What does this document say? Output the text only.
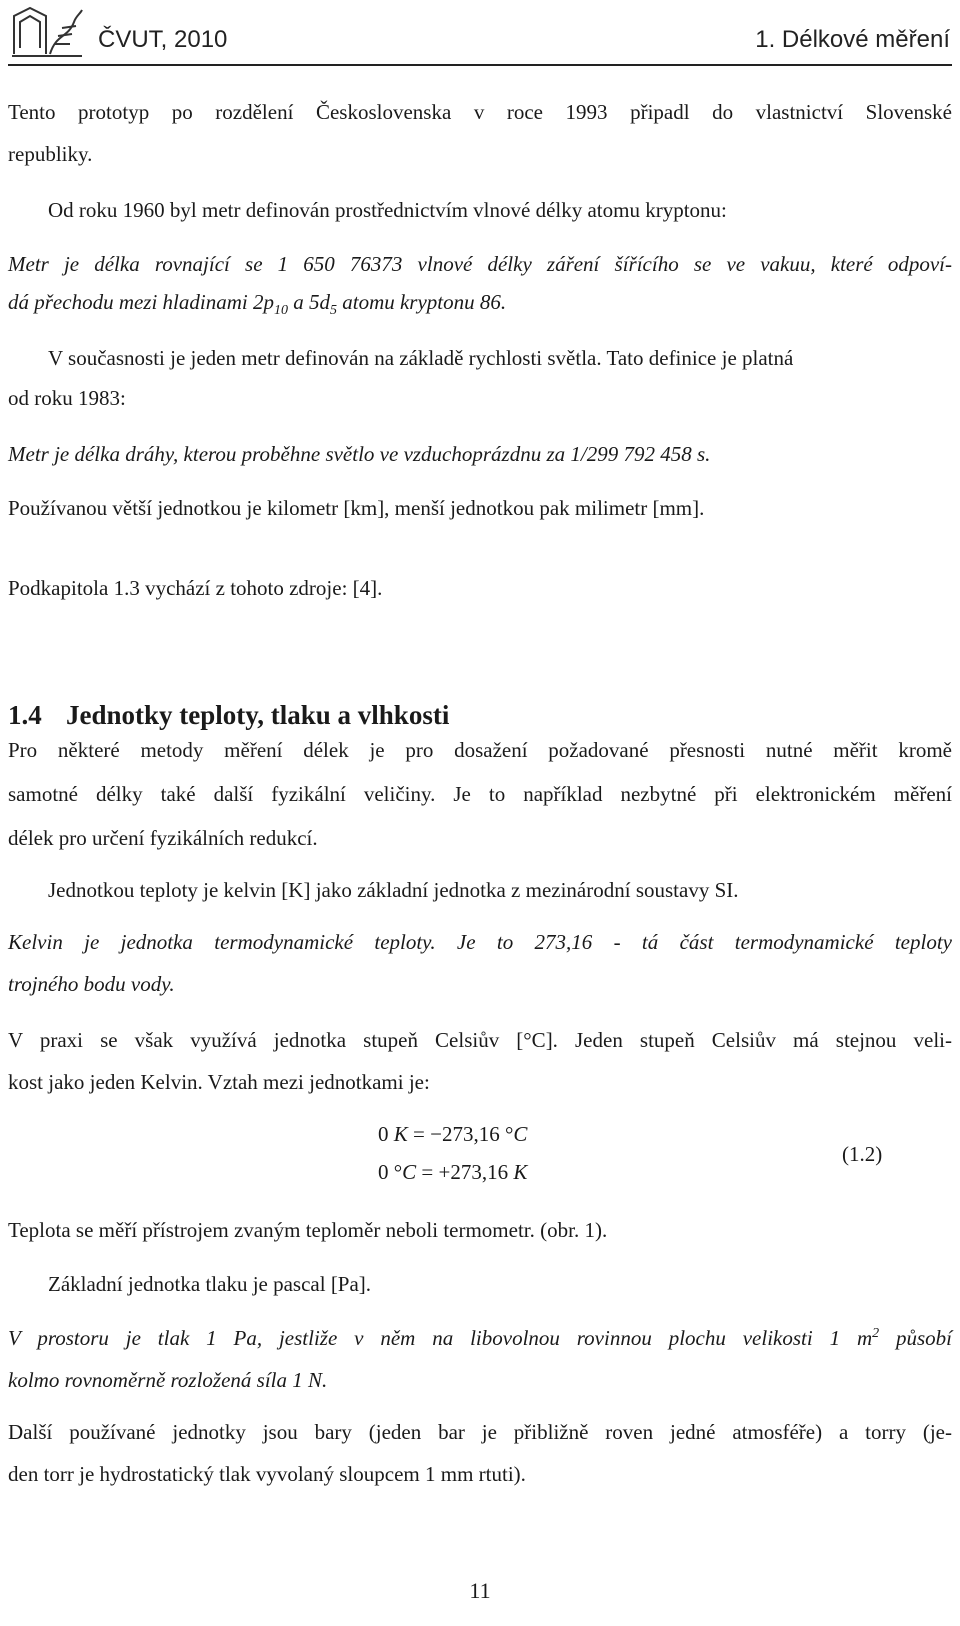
ČVUT, 2010	1. Délkové měření
Tento prototyp po rozdělení Československa v roce 1993 připadl do vlastnictví Slovenské
republiky.
Od roku 1960 byl metr definován prostřednictvím vlnové délky atomu kryptonu:
Metr je délka rovnající se 1 650 76373 vlnové délky záření šířícího se ve vakuu, které odpoví-
dá přechodu mezi hladinami $2p_{10}$ a $5d_5$ atomu kryptonu 86.
V současnosti je jeden metr definován na základě rychlosti světla. Tato definice je platná
od roku 1983:
Metr je délka dráhy, kterou proběhne světlo ve vzduchoprázdnu za 1/299 792 458 s.
Používanou větší jednotkou je kilometr [km], menší jednotkou pak milimetr [mm].
Podkapitola 1.3 vychází z tohoto zdroje: [4].
1.4 Jednotky teploty, tlaku a vlhkosti
Pro některé metody měření délek je pro dosažení požadované přesnosti nutné měřit kromě
samotné délky také další fyzikální veličiny. Je to například nezbytné při elektronickém měření
délek pro určení fyzikálních redukcí.
Jednotkou teploty je kelvin [K] jako základní jednotka z mezinárodní soustavy SI.
Kelvin je jednotka termodynamické teploty. Je to 273,16 - tá část termodynamické teploty
trojného bodu vody.
V praxi se však využívá jednotka stupeň Celsiův [°C]. Jeden stupeň Celsiův má stejnou veli-
kost jako jeden Kelvin. Vztah mezi jednotkami je:
0 K = −273,16 °C
0 °C = +273,16 K
(1.2)
Teplota se měří přístrojem zvaným teploměr neboli termometr. (obr. 1).
Základní jednotka tlaku je pascal [Pa].
V prostoru je tlak 1 Pa, jestliže v něm na libovolnou rovinnou plochu velikosti 1 $m^2$ působí
kolmo rovnoměrně rozložená síla 1 N.
Další používané jednotky jsou bary (jeden bar je přibližně roven jedné atmosféře) a torry (je-
den torr je hydrostatický tlak vyvolaný sloupcem 1 mm rtuti).
11
